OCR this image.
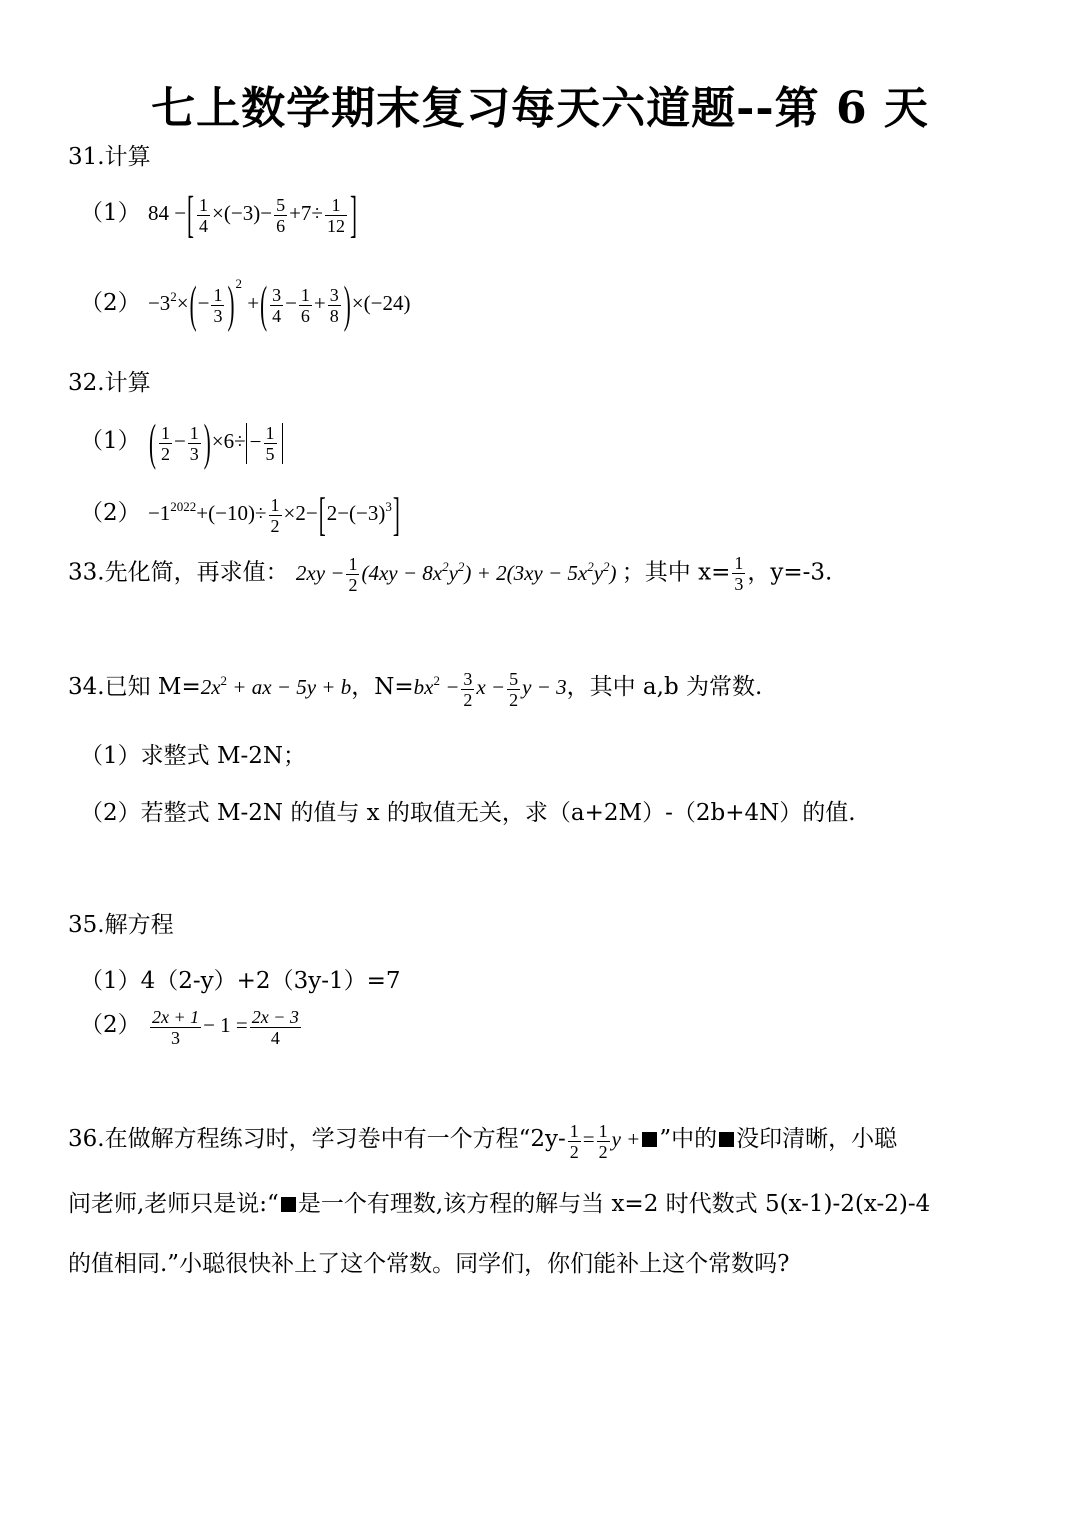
七上数学期末复习每天六道题--第 6 天
31.计算
（1） 84 −[ $\frac{1}{4} \times(-3)- \frac{5}{6} +7\div \frac{1}{12}$ ]
$(2) -3^2\times(- \frac{1}{3} )^2$ +( $\frac{3}{4} - \frac{1}{6} + \frac{3}{8} )\times(-24)$
32.计算
（1） ( $\frac{1}{2} - \frac{1}{3} )\times 6\div - \frac{1}{5}$
$(2) -1^{2022}+(-10)\div \frac{1}{2} \times 2-[2-(-3)^3]$
33.先化简，再求值： $2xy - \frac{1}{2} (4xy - 8x^2y^2) + 2(3xy - 5x^2y^2)$ ；其中 $x= \frac{1}{3}$ ，y=-3.
34.已知 $M=2x^2$ + ax − 5y + b，$N=bx^2 - \frac{3}{2}$ $x - \frac{5}{2}$ y − 3，其中 a,b 为常数.
（1）求整式 M-2N；
（2）若整式 M-2N 的值与 x 的取值无关，求（a+2M）-（2b+4N）的值.
35.解方程
（1）4（2-y）+2（3y-1）=7
$(2) \frac{2x + 1}{3} - 1 = \frac{2x - 3}{4}$
36.在做解方程练习时，学习卷中有一个方程“$2y- \frac{1}{2} = \frac{1}{2}$ y + ”中的 没印清晰，小聪
问老师,老师只是说:“ 是一个有理数,该方程的解与当 x=2 时代数式 5(x-1)-2(x-2)-4
的值相同.”小聪很快补上了这个常数。同学们，你们能补上这个常数吗?
